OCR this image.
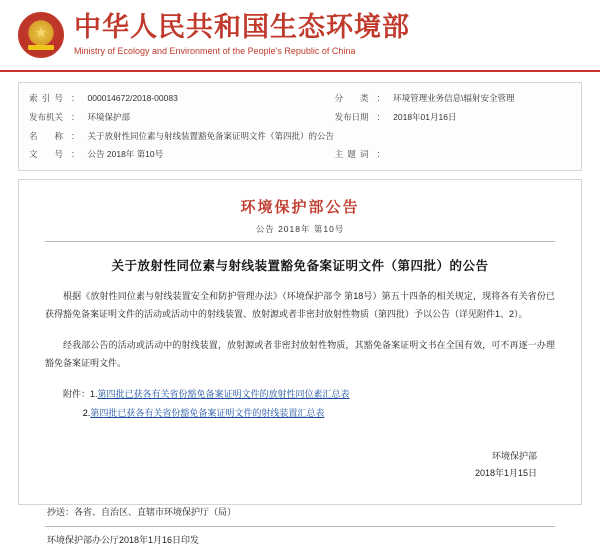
★
中华人民共和国生态环境部
Ministry of Ecology and Environment of the People's Republic of China
索引号	：	000014672/2018-00083	分类	：	环境管理业务信息\辐射安全管理
发布机关	：	环境保护部	发布日期	：	2018年01月16日
名　称	：	关于放射性同位素与射线装置豁免备案证明文件（第四批）的公告			
文　号	：	公告 2018年 第10号	主 题 词	：	
环境保护部公告
公告 2018年 第10号
关于放射性同位素与射线装置豁免备案证明文件（第四批）的公告
根据《放射性同位素与射线装置安全和防护管理办法》（环境保护部令 第18号）第五十四条的相关规定，现将各有关省份已获得豁免备案证明文件的活动或活动中的射线装置、放射源或者非密封放射性物质（第四批）予以公告（详见附件1、2）。
经我部公告的活动或活动中的射线装置，放射源或者非密封放射性物质，其豁免备案证明文书在全国有效，可不再逐一办理豁免备案证明文件。
附件：1.第四批已获各有关省份豁免备案证明文件的放射性同位素汇总表
2.第四批已获各有关省份豁免备案证明文件的射线装置汇总表
环境保护部
2018年1月15日
抄送：各省、自治区、直辖市环境保护厅（局）
环境保护部办公厅2018年1月16日印发
